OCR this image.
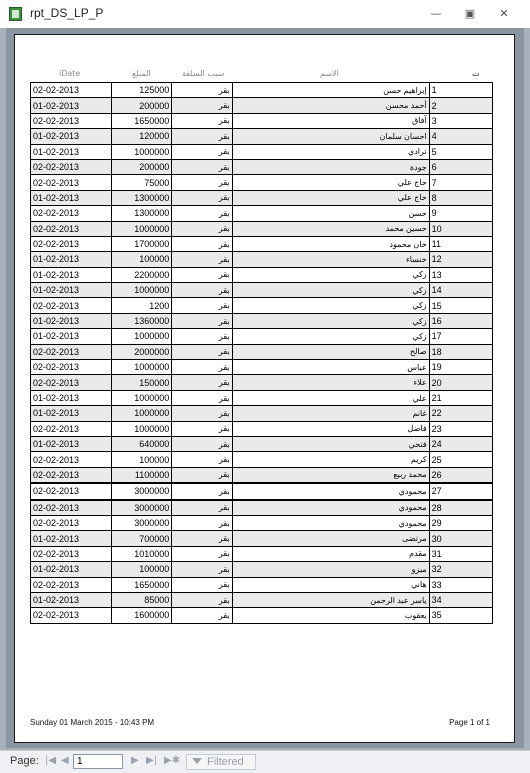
rpt_DS_LP_P	— ▣	✕
iDate	المبلغ	سبب السلفة	الاسم	ت
02-02-2013	125000	بقر	إبراهيم حسن	1
01-02-2013	200000	بقر	أحمد محسن	2
02-02-2013	1650000	بقر	آفاق	3
01-02-2013	120000	بقر	احسان سلمان	4
01-02-2013	1000000	بقر	ترادي	5
02-02-2013	200000	بقر	جودة	6
02-02-2013	75000	بقر	حاج علي	7
01-02-2013	1300000	بقر	حاج علي	8
02-02-2013	1300000	بقر	حسن	9
02-02-2013	1000000	بقر	حسين محمد	10
02-02-2013	1700000	بقر	خان محمود	11
01-02-2013	100000	بقر	خنساء	12
01-02-2013	2200000	بقر	زكي	13
01-02-2013	1000000	بقر	زكي	14
02-02-2013	1200	بقر	زكي	15
01-02-2013	1360000	بقر	زكي	16
01-02-2013	1000000	بقر	زكي	17
02-02-2013	2000000	بقر	صالح	18
02-02-2013	1000000	بقر	عباس	19
02-02-2013	150000	بقر	علاء	20
01-02-2013	1000000	بقر	علي	21
01-02-2013	1000000	بقر	غانم	22
02-02-2013	1000000	بقر	فاضل	23
01-02-2013	640000	بقر	فتحي	24
02-02-2013	100000	بقر	كريم	25
02-02-2013	1100000	بقر	محمد ربيع	26
02-02-2013	3000000	بقر	محمودي	27
02-02-2013	3000000	بقر	محمودي	28
02-02-2013	3000000	بقر	محمودي	29
01-02-2013	700000	بقر	مرتضى	30
02-02-2013	1010000	بقر	مقدم	31
01-02-2013	100000	بقر	ميزو	32
02-02-2013	1650000	بقر	هاني	33
01-02-2013	85000	بقر	ياسر عبد الرحمن	34
02-02-2013	1600000	بقر	يعقوب	35
Sunday 01 March 2015 - 10:43 PM	Page 1 of 1
Page: |◀ ◀
1	▶ ▶| ▶✱ Filtered
